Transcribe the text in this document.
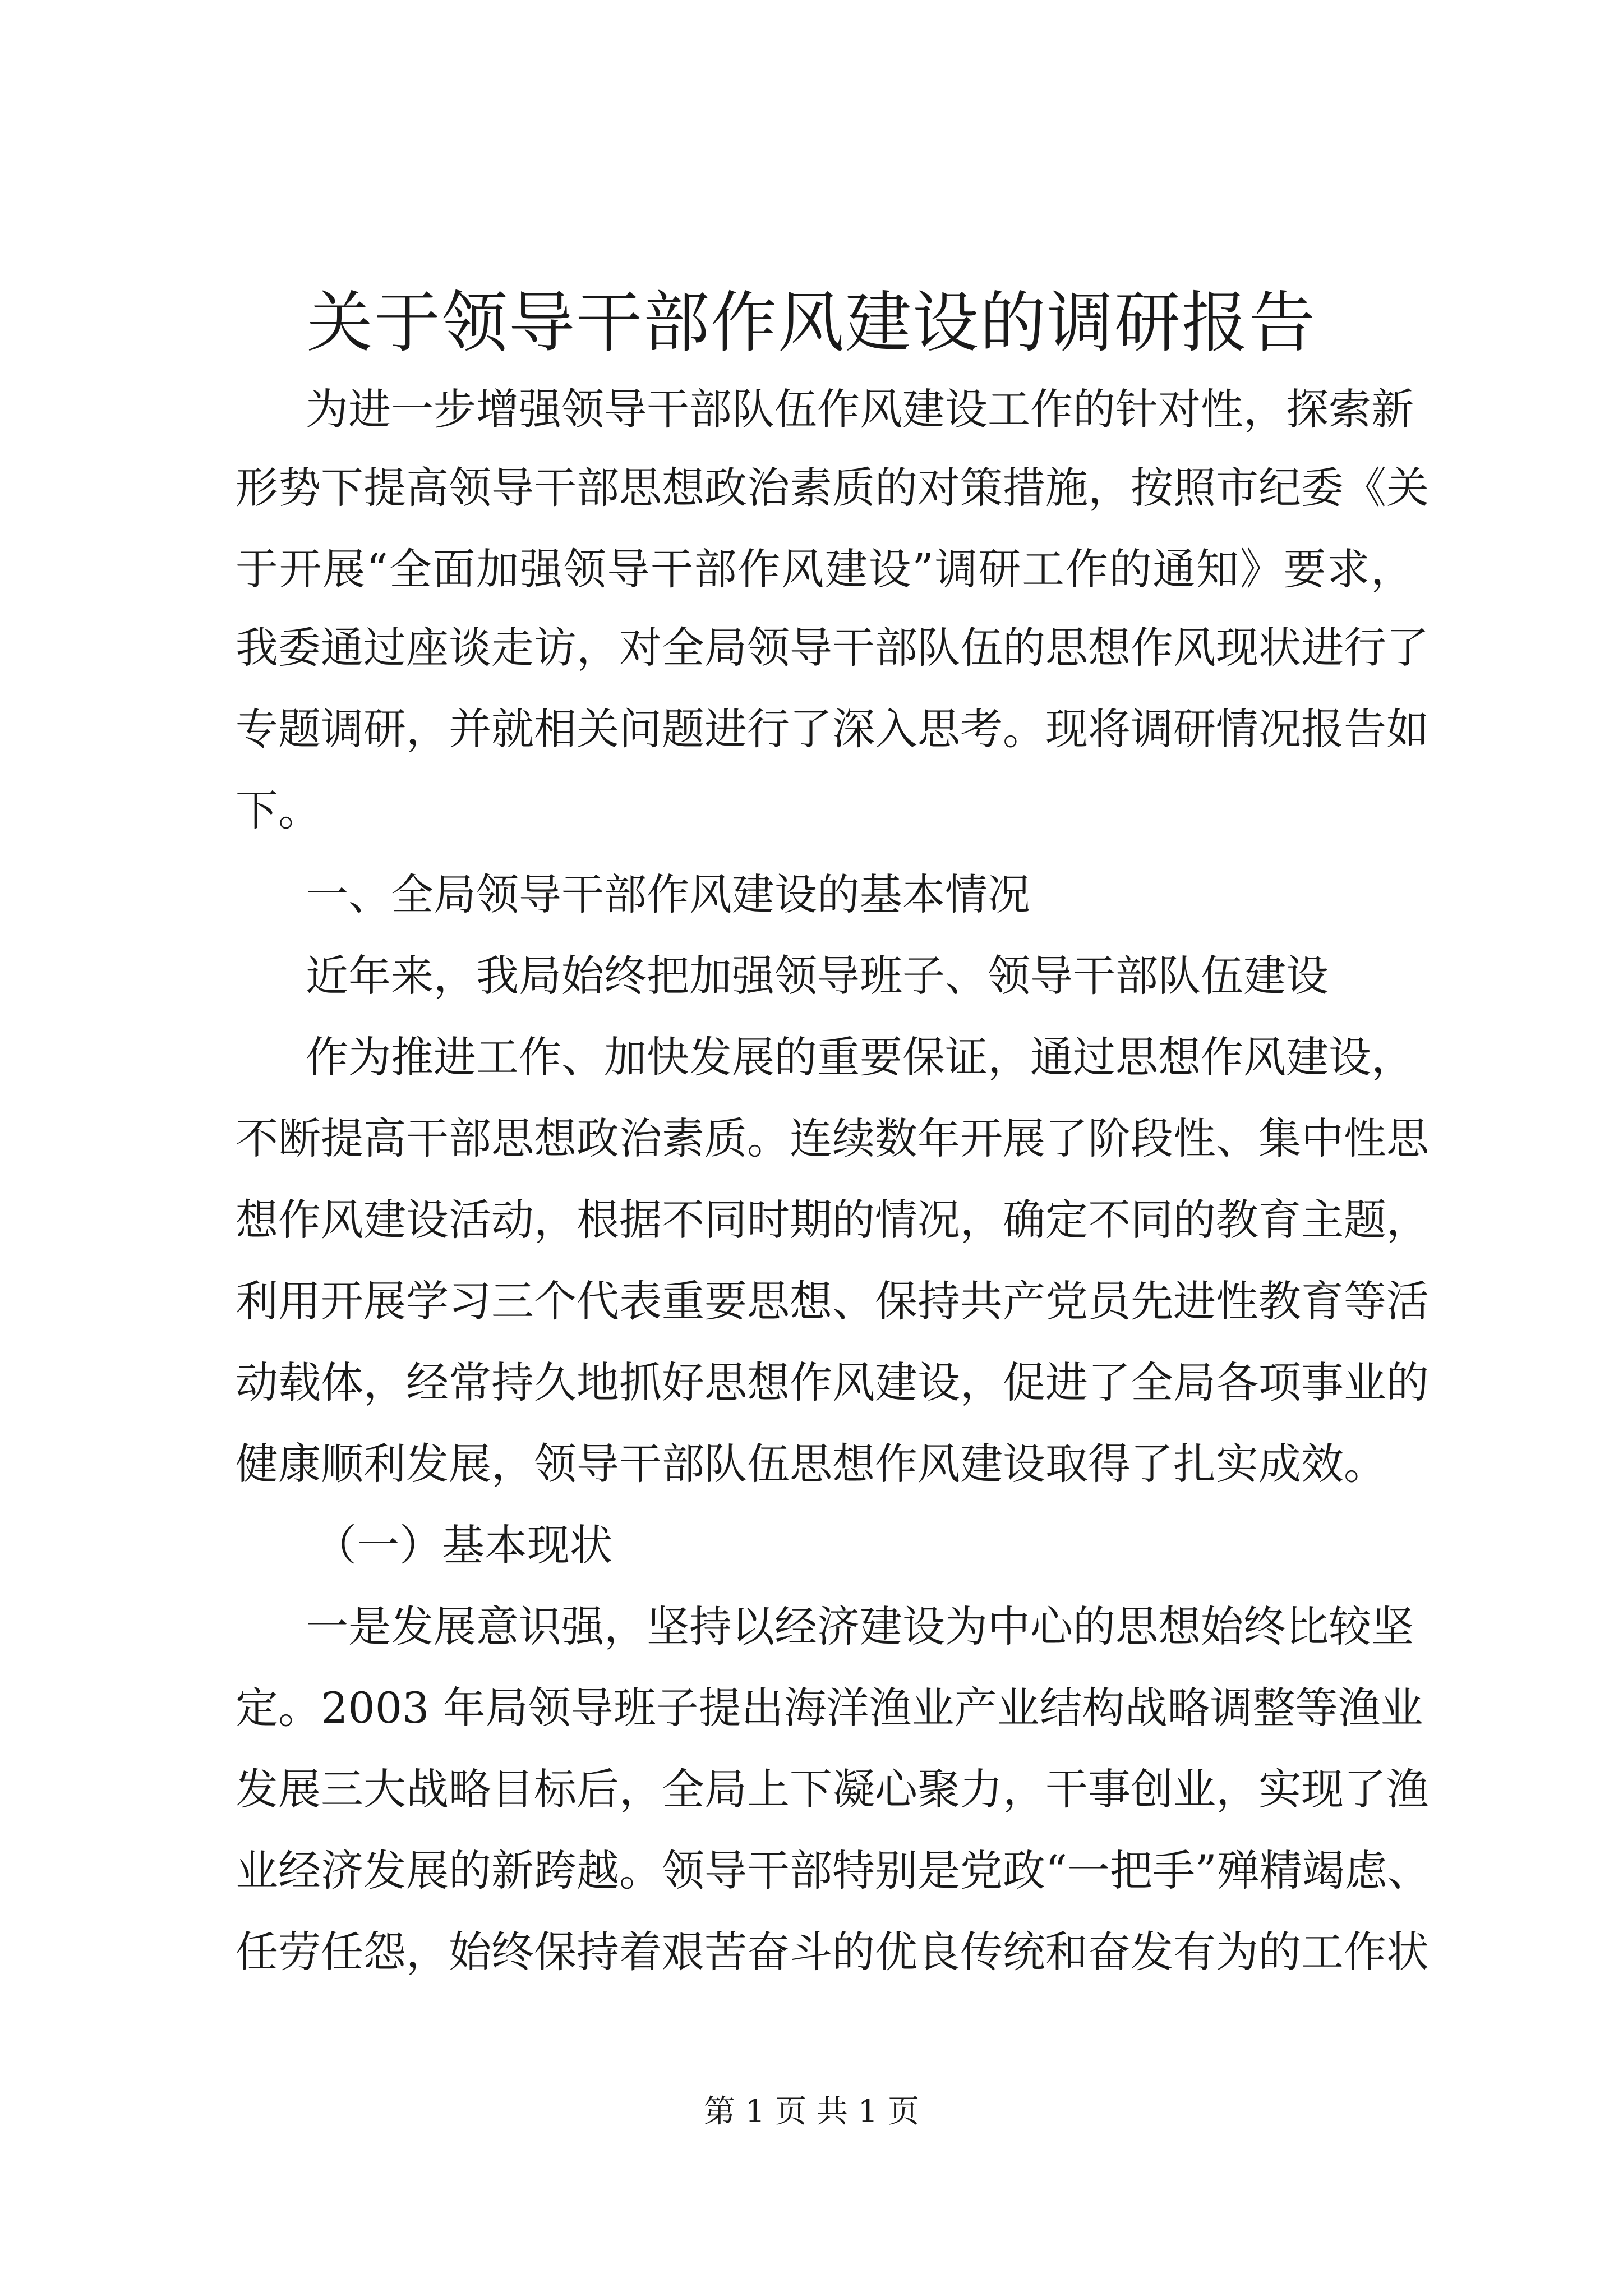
关于领导干部作风建设的调研报告

为进一步增强领导干部队伍作风建设工作的针对性，探索新

形势下提高领导干部思想政治素质的对策措施，按照市纪委《关

于开展“全面加强领导干部作风建设”调研工作的通知》要求，

我委通过座谈走访，对全局领导干部队伍的思想作风现状进行了

专题调研，并就相关问题进行了深入思考。现将调研情况报告如

下。

一、全局领导干部作风建设的基本情况

近年来，我局始终把加强领导班子、领导干部队伍建设

作为推进工作、加快发展的重要保证，通过思想作风建设，

不断提高干部思想政治素质。连续数年开展了阶段性、集中性思

想作风建设活动，根据不同时期的情况，确定不同的教育主题，

利用开展学习三个代表重要思想、保持共产党员先进性教育等活

动载体，经常持久地抓好思想作风建设，促进了全局各项事业的

健康顺利发展，领导干部队伍思想作风建设取得了扎实成效。

（一）基本现状

一是发展意识强，坚持以经济建设为中心的思想始终比较坚

定。2003 年局领导班子提出海洋渔业产业结构战略调整等渔业

发展三大战略目标后，全局上下凝心聚力，干事创业，实现了渔

业经济发展的新跨越。领导干部特别是党政“一把手”殚精竭虑、

任劳任怨，始终保持着艰苦奋斗的优良传统和奋发有为的工作状

第 1 页 共 1 页
